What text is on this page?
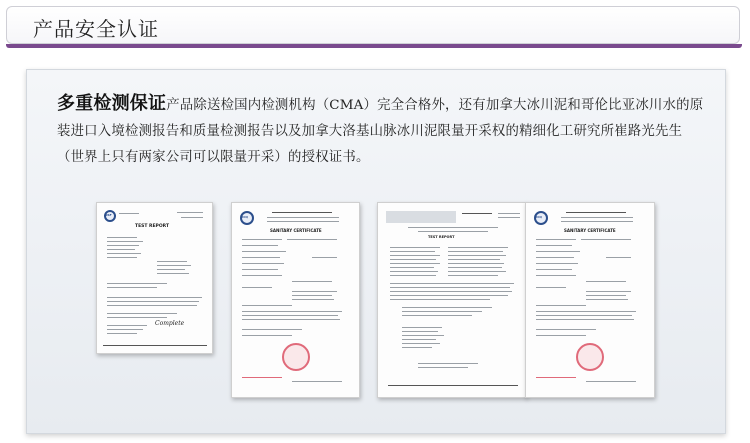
产品安全认证

多重检测保证产品除送检国内检测机构（CMA）完全合格外，还有加拿大冰川泥和哥伦比亚冰川水的原装进口入境检测报告和质量检测报告以及加拿大洛基山脉冰川泥限量开采权的精细化工研究所崔路光先生（世界上只有两家公司可以限量开采）的授权证书。

NSF
TEST REPORT
Complete
CIQ
SANITARY CERTIFICATE
TEST REPORT
CIQ
SANITARY CERTIFICATE
